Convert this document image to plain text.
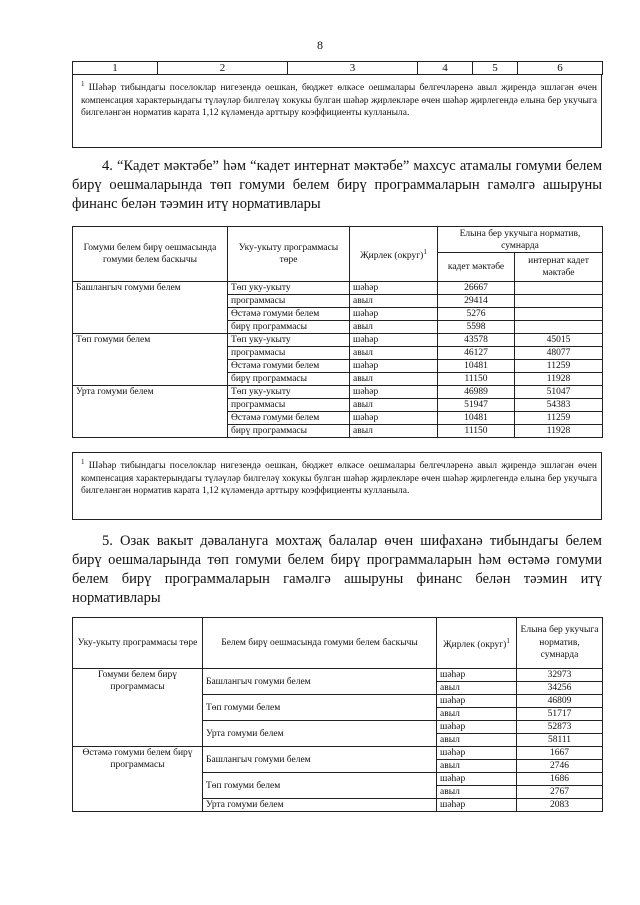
8
1	2	3	4	5	6
$^1$ Шәһәр тибындагы поселоклар нигезендә оешкан, бюджет өлкәсе оешмалары белгечләренә авыл җирендә эшләгән өчен компенсация характерындагы түләүләр билгеләү хокукы булган шәһәр җирлекләре өчен шәһәр җирлегендә елына бер укучыга билгеләнгән норматив карата 1,12 күләмендә арттыру коэффициенты кулланыла.
4. “Кадет мәктәбе” һәм “кадет интернат мәктәбе” махсус атамалы гомуми белем бирү оешмаларында төп гомуми белем бирү программаларын гамәлгә ашыруны финанс белән тәэмин итү нормативлары
Гомуми белем бирү оешмасында гомуми белем баскычы	Уку-укыту программасы төре	Җирлек (округ)$^1$	Елына бер укучыга норматив, сумнарда	
			кадет мәктәбе	интернат кадет мәктәбе
Башлангыч гомуми белем	Төп уку-укыту	шәһәр	26667	
	программасы	авыл	29414	
	Өстәмә гомуми белем	шәһәр	5276	
	бирү программасы	авыл	5598	
Төп гомуми белем	Төп уку-укыту	шәһәр	43578	45015
	программасы	авыл	46127	48077
	Өстәмә гомуми белем	шәһәр	10481	11259
	бирү программасы	авыл	11150	11928
Урта гомуми белем	Төп уку-укыту	шәһәр	46989	51047
	программасы	авыл	51947	54383
	Өстәмә гомуми белем	шәһәр	10481	11259
	бирү программасы	авыл	11150	11928
$^1$ Шәһәр тибындагы поселоклар нигезендә оешкан, бюджет өлкәсе оешмалары белгечләренә авыл җирендә эшләгән өчен компенсация характерындагы түләүләр билгеләү хокукы булган шәһәр җирлекләре өчен шәһәр җирлегендә елына бер укучыга билгеләнгән норматив карата 1,12 күләмендә арттыру коэффициенты кулланыла.
5. Озак вакыт дәвалануга мохтаҗ балалар өчен шифаханә тибындагы белем бирү оешмаларында төп гомуми белем бирү программаларын һәм өстәмә гомуми белем бирү программаларын гамәлгә ашыруны финанс белән тәэмин итү нормативлары
Уку-укыту программасы төре	Белем бирү оешмасында гомуми белем баскычы	Җирлек (округ)$^1$	Елына бер укучыга норматив, сумнарда
Гомуми белем бирү программасы	Башлангыч гомуми белем	шәһәр	32973
		авыл	34256
	Төп гомуми белем	шәһәр	46809
		авыл	51717
	Урта гомуми белем	шәһәр	52873
		авыл	58111
Өстәмә гомуми белем бирү программасы	Башлангыч гомуми белем	шәһәр	1667
		авыл	2746
	Төп гомуми белем	шәһәр	1686
		авыл	2767
	Урта гомуми белем	шәһәр	2083
